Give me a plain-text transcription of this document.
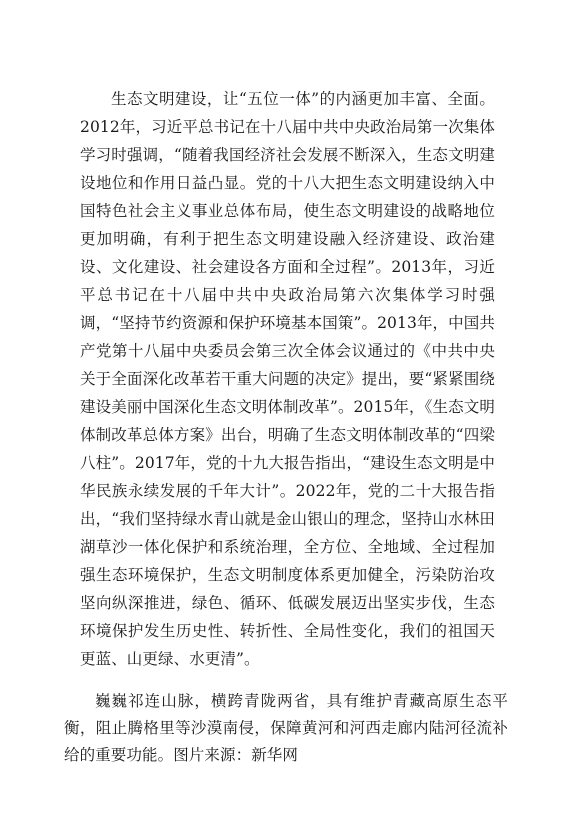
生态文明建设，让“五位一体”的内涵更加丰富、全面。2012年，习近平总书记在十八届中共中央政治局第一次集体学习时强调，“随着我国经济社会发展不断深入，生态文明建设地位和作用日益凸显。党的十八大把生态文明建设纳入中国特色社会主义事业总体布局，使生态文明建设的战略地位更加明确，有利于把生态文明建设融入经济建设、政治建设、文化建设、社会建设各方面和全过程”。2013年，习近平总书记在十八届中共中央政治局第六次集体学习时强调，“坚持节约资源和保护环境基本国策”。2013年，中国共产党第十八届中央委员会第三次全体会议通过的《中共中央关于全面深化改革若干重大问题的决定》提出，要“紧紧围绕建设美丽中国深化生态文明体制改革”。2015年，《生态文明体制改革总体方案》出台，明确了生态文明体制改革的“四梁八柱”。2017年，党的十九大报告指出，“建设生态文明是中华民族永续发展的千年大计”。2022年，党的二十大报告指出，“我们坚持绿水青山就是金山银山的理念，坚持山水林田湖草沙一体化保护和系统治理，全方位、全地域、全过程加强生态环境保护，生态文明制度体系更加健全，污染防治攻坚向纵深推进，绿色、循环、低碳发展迈出坚实步伐，生态环境保护发生历史性、转折性、全局性变化，我们的祖国天更蓝、山更绿、水更清”。

巍巍祁连山脉，横跨青陇两省，具有维护青藏高原生态平衡，阻止腾格里等沙漠南侵，保障黄河和河西走廊内陆河径流补给的重要功能。图片来源：新华网
